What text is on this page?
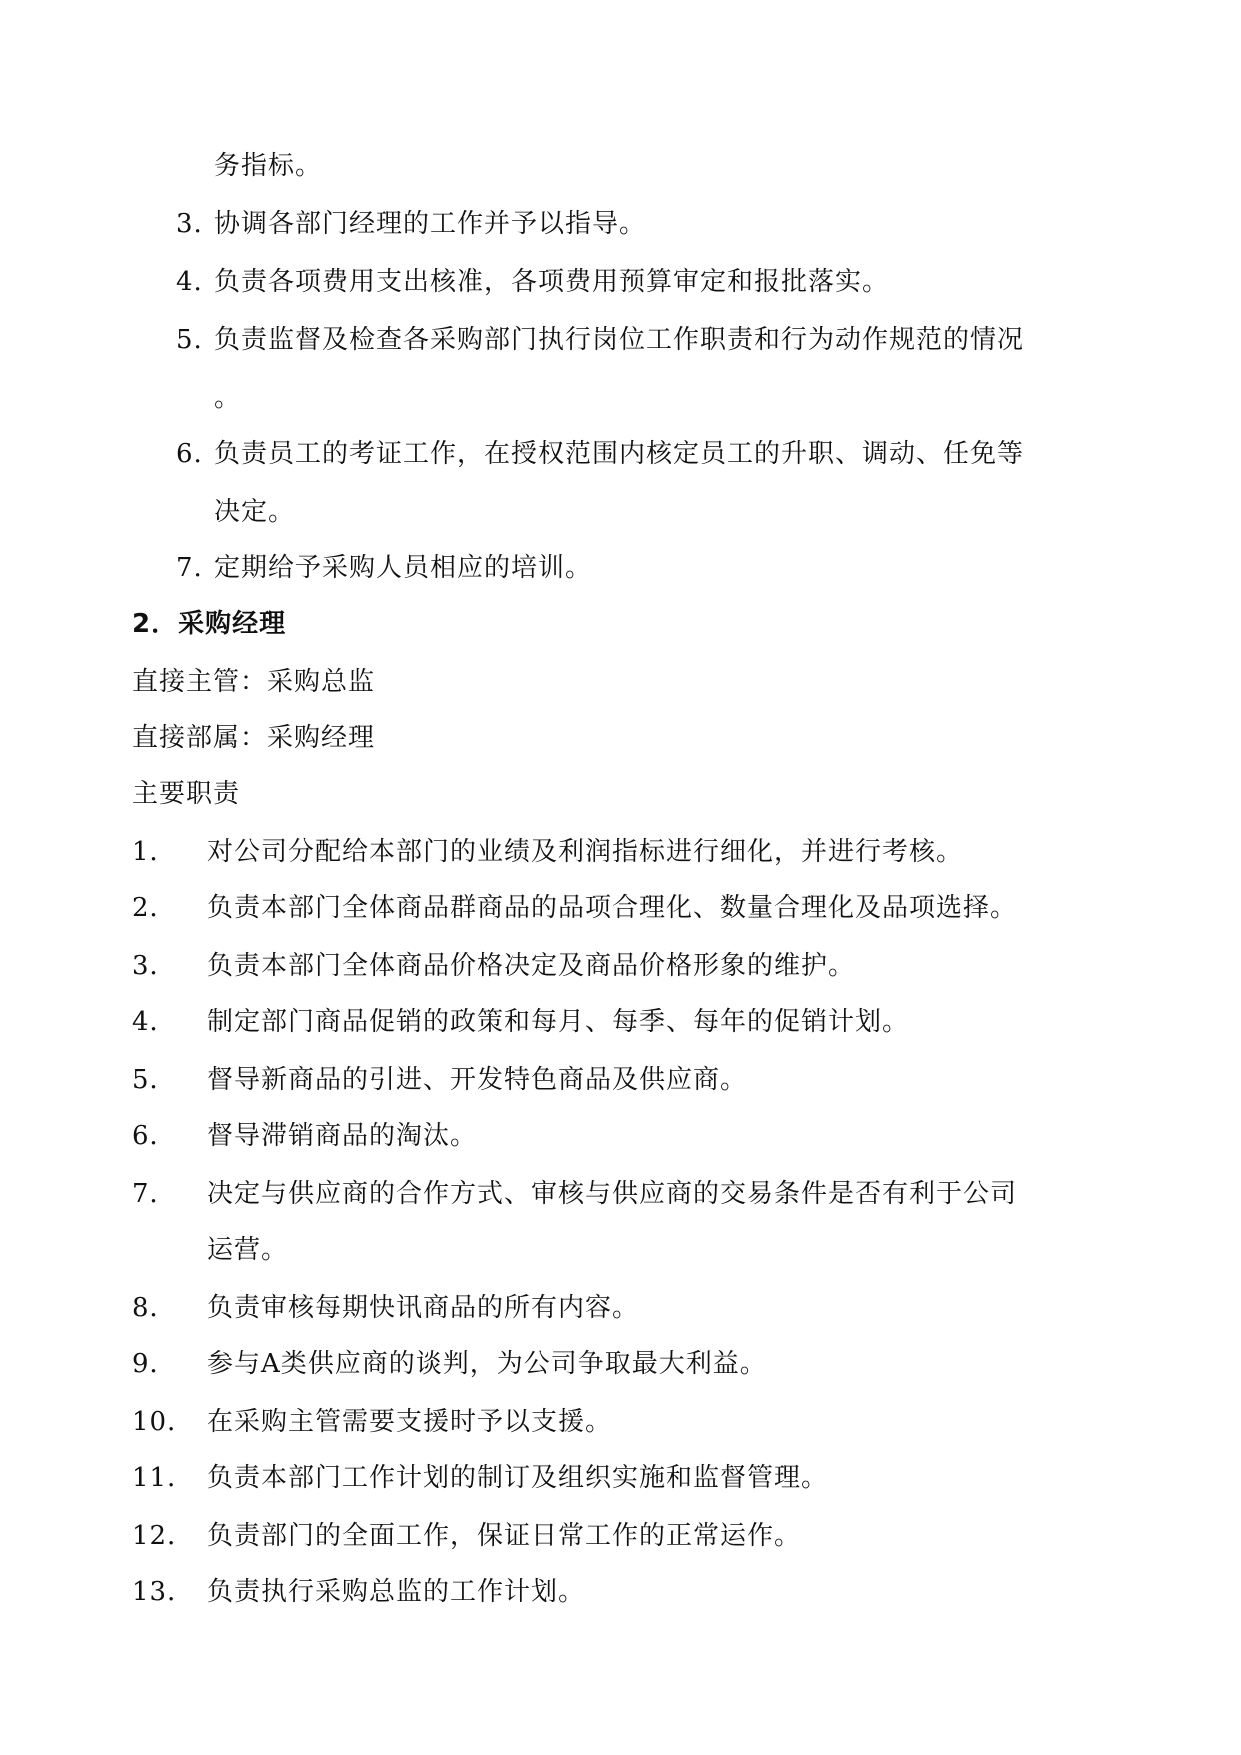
务指标。
3. 协调各部门经理的工作并予以指导。
4. 负责各项费用支出核准，各项费用预算审定和报批落实。
5. 负责监督及检查各采购部门执行岗位工作职责和行为动作规范的情况
。
6. 负责员工的考证工作，在授权范围内核定员工的升职、调动、任免等
决定。
7. 定期给予采购人员相应的培训。
2．采购经理
直接主管：采购总监
直接部属：采购经理
主要职责
1． 对公司分配给本部门的业绩及利润指标进行细化，并进行考核。
2． 负责本部门全体商品群商品的品项合理化、数量合理化及品项选择。
3． 负责本部门全体商品价格决定及商品价格形象的维护。
4． 制定部门商品促销的政策和每月、每季、每年的促销计划。
5． 督导新商品的引进、开发特色商品及供应商。
6． 督导滞销商品的淘汰。
7． 决定与供应商的合作方式、审核与供应商的交易条件是否有利于公司
运营。
8． 负责审核每期快讯商品的所有内容。
9． 参与A类供应商的谈判，为公司争取最大利益。
10． 在采购主管需要支援时予以支援。
11． 负责本部门工作计划的制订及组织实施和监督管理。
12． 负责部门的全面工作，保证日常工作的正常运作。
13． 负责执行采购总监的工作计划。
